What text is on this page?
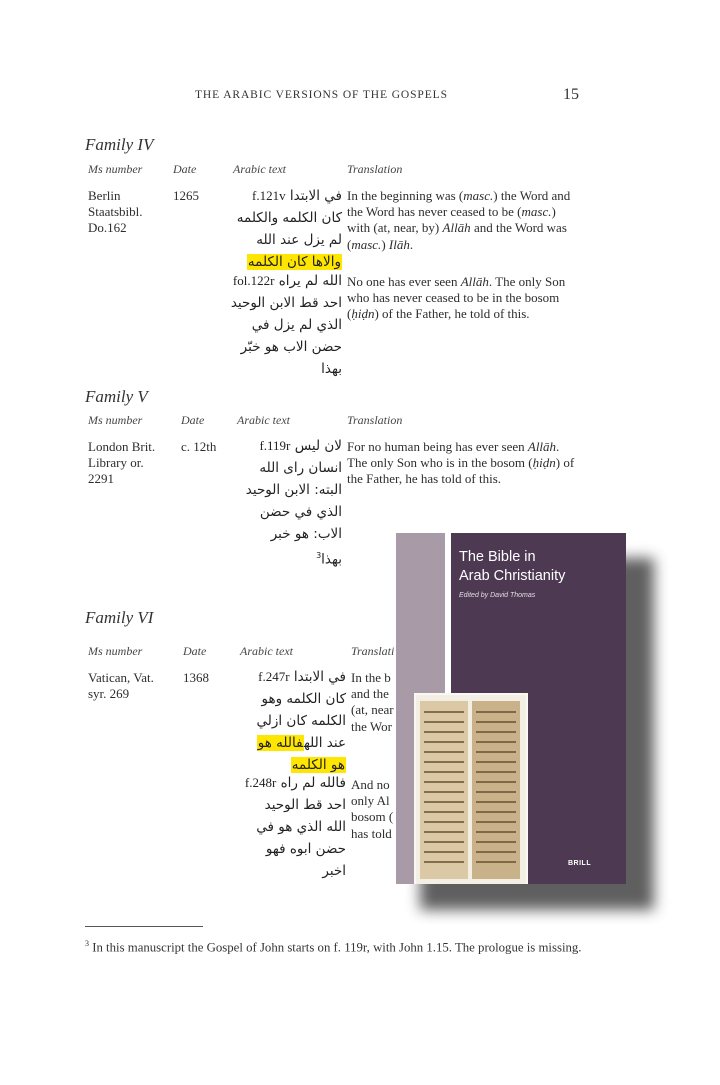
THE ARABIC VERSIONS OF THE GOSPELS	15
Family IV
Ms number	Date	Arabic text	Translation
Berlin
Staatsbibl.
Do.162
1265	في الابتدا f.121v
كان الكلمه والكلمه
لم يزل عند الله
والاها كان الكلمه
الله لم يراه fol.122r
احد قط الابن الوحيد
الذي لم يزل في
حضن الاب هو خبّر
بهذا
In the beginning was (masc.) the Word and the Word has never ceased to be (masc.) with (at, near, by) Allāh and the Word was (masc.) Ilāh.
No one has ever seen Allāh. The only Son who has never ceased to be in the bosom (ḥiḍn) of the Father, he told of this.
Family V
Ms number	Date	Arabic text	Translation
London Brit.
Library or.
2291
c. 12th	لان ليس f.119r
انسان راى الله
البته: الابن الوحيد
الذي في حضن
الاب: هو خبر
بهذا$^3$
For no human being has ever seen Allāh. The only Son who is in the bosom (ḥiḍn) of the Father, he has told of this.
Family VI
Ms number	Date	Arabic text	Translati
Vatican, Vat.
syr. 269
1368	في الابتدا f.247r
كان الكلمه وهو
الكلمه كان ازلي
عند اللهفالله هو
هو الكلمه
فالله لم راه f.248r
احد قط الوحيد
الله الذي هو في
حضن ابوه فهو
اخبر
In the b
and the
(at, near
the Wor
And no
only Al
bosom (
has told
The Bible in
Arab Christianity
Edited by David Thomas
BRILL
$^3$ In this manuscript the Gospel of John starts on f. 119r, with John 1.15. The prologue is missing.
